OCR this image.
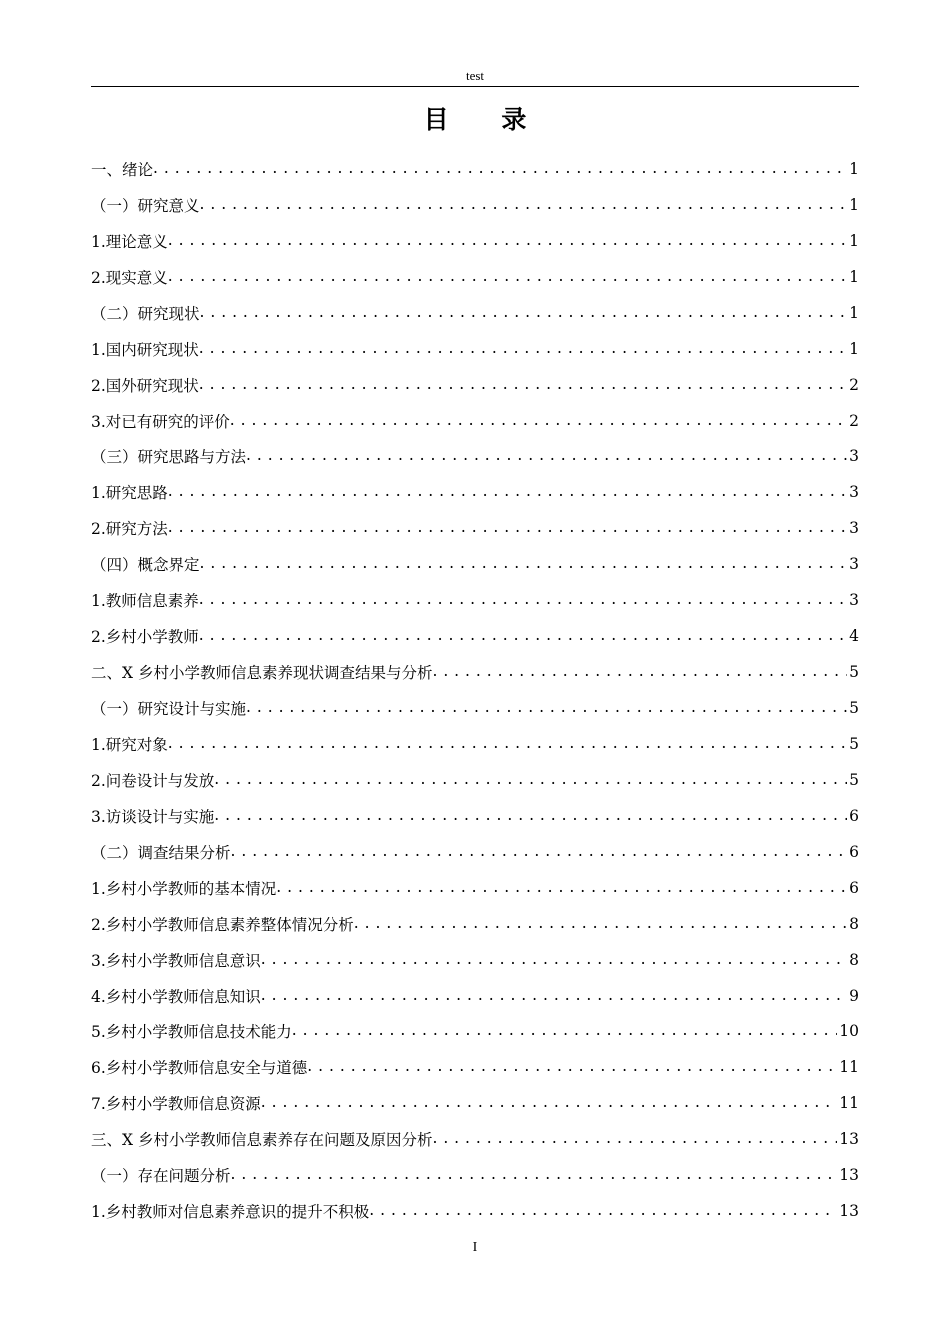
test
目 录
一、绪论 . . .	1
（一）研究意义 . . .	1
1.理论意义 . . .	1
2.现实意义 . . .	1
（二）研究现状 . . .	1
1.国内研究现状 . . .	1
2.国外研究现状 . . .	2
3.对已有研究的评价 . . .	2
（三）研究思路与方法 . . .	3
1.研究思路 . . .	3
2.研究方法 . . .	3
（四）概念界定 . . .	3
1.教师信息素养 . . .	3
2.乡村小学教师 . . .	4
二、X 乡村小学教师信息素养现状调查结果与分析 . . .	5
（一）研究设计与实施 . . .	5
1.研究对象 . . .	5
2.问卷设计与发放 . . .	5
3.访谈设计与实施 . . .	6
（二）调查结果分析 . . .	6
1.乡村小学教师的基本情况 . . .	6
2.乡村小学教师信息素养整体情况分析 . . .	8
3.乡村小学教师信息意识 . . .	8
4.乡村小学教师信息知识 . . .	9
5.乡村小学教师信息技术能力 . . .	10
6.乡村小学教师信息安全与道德 . . .	11
7.乡村小学教师信息资源 . . .	11
三、X 乡村小学教师信息素养存在问题及原因分析 . . .	13
（一）存在问题分析 . . .	13
1.乡村教师对信息素养意识的提升不积极 . . .	13
I
